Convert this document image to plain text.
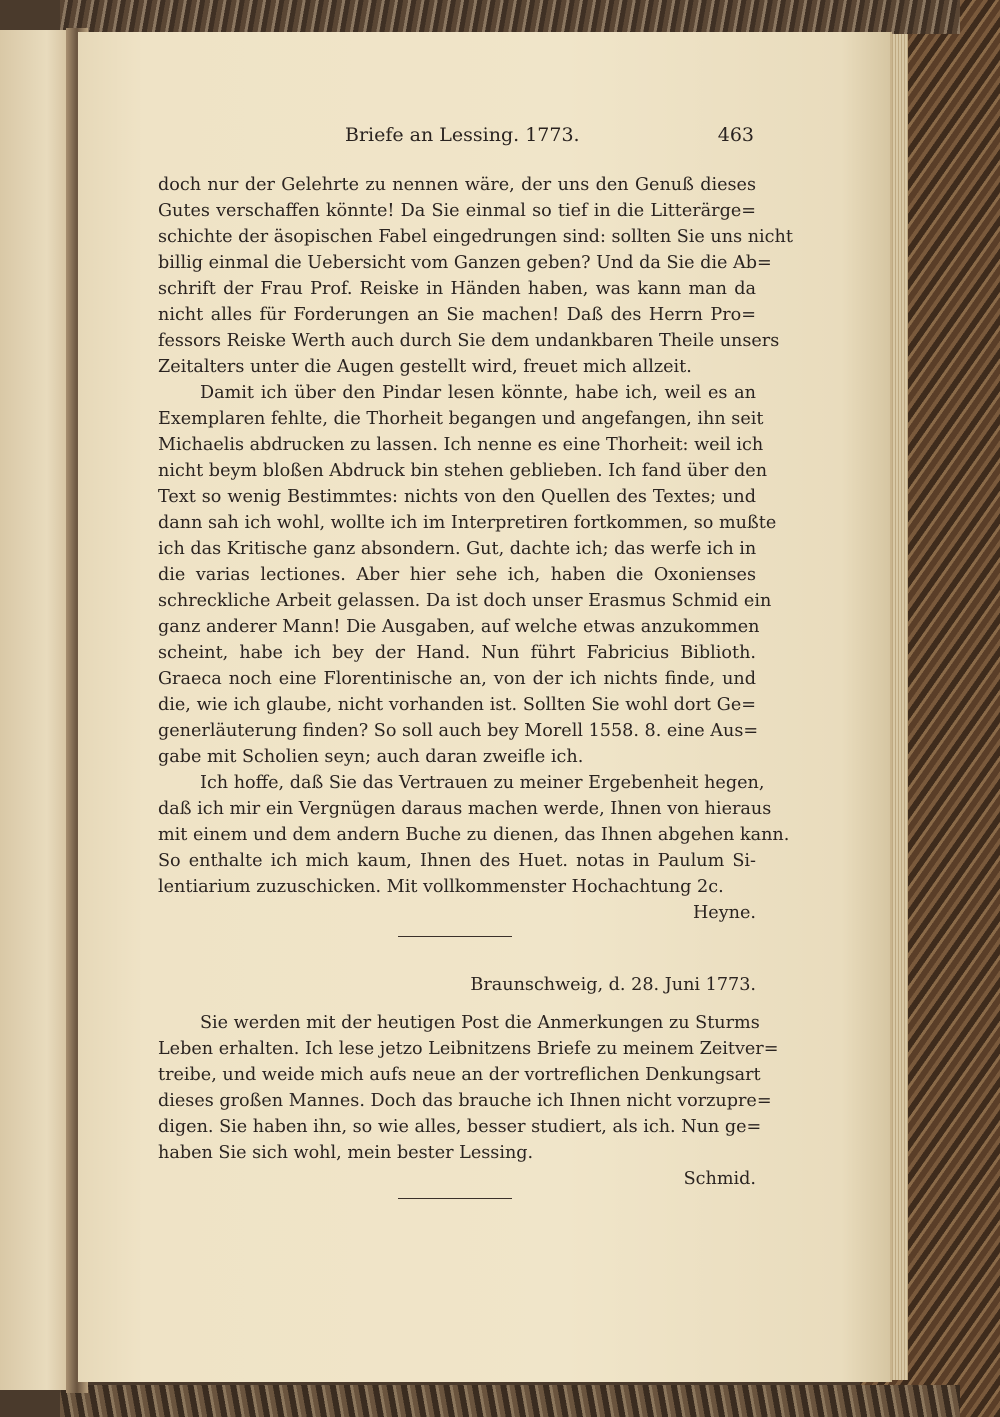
Briefe an Lessing. 1773.	463
doch nur der Gelehrte zu nennen wäre, der uns den Genuß dieses
Gutes verschaffen könnte! Da Sie einmal so tief in die Litterärge=
schichte der äsopischen Fabel eingedrungen sind: sollten Sie uns nicht
billig einmal die Uebersicht vom Ganzen geben? Und da Sie die Ab=
schrift der Frau Prof. Reiske in Händen haben, was kann man da
nicht alles für Forderungen an Sie machen! Daß des Herrn Pro=
fessors Reiske Werth auch durch Sie dem undankbaren Theile unsers
Zeitalters unter die Augen gestellt wird, freuet mich allzeit.
Damit ich über den Pindar lesen könnte, habe ich, weil es an
Exemplaren fehlte, die Thorheit begangen und angefangen, ihn seit
Michaelis abdrucken zu lassen. Ich nenne es eine Thorheit: weil ich
nicht beym bloßen Abdruck bin stehen geblieben. Ich fand über den
Text so wenig Bestimmtes: nichts von den Quellen des Textes; und
dann sah ich wohl, wollte ich im Interpretiren fortkommen, so mußte
ich das Kritische ganz absondern. Gut, dachte ich; das werfe ich in
die varias lectiones. Aber hier sehe ich, haben die Oxonienses
schreckliche Arbeit gelassen. Da ist doch unser Erasmus Schmid ein
ganz anderer Mann! Die Ausgaben, auf welche etwas anzukommen
scheint, habe ich bey der Hand. Nun führt Fabricius Biblioth.
Graeca noch eine Florentinische an, von der ich nichts finde, und
die, wie ich glaube, nicht vorhanden ist. Sollten Sie wohl dort Ge=
generläuterung finden? So soll auch bey Morell 1558. 8. eine Aus=
gabe mit Scholien seyn; auch daran zweifle ich.
Ich hoffe, daß Sie das Vertrauen zu meiner Ergebenheit hegen,
daß ich mir ein Vergnügen daraus machen werde, Ihnen von hieraus
mit einem und dem andern Buche zu dienen, das Ihnen abgehen kann.
So enthalte ich mich kaum, Ihnen des Huet. notas in Paulum Si-
lentiarium zuzuschicken. Mit vollkommenster Hochachtung 2c.
Heyne.
Braunschweig, d. 28. Juni 1773.
Sie werden mit der heutigen Post die Anmerkungen zu Sturms
Leben erhalten. Ich lese jetzo Leibnitzens Briefe zu meinem Zeitver=
treibe, und weide mich aufs neue an der vortreflichen Denkungsart
dieses großen Mannes. Doch das brauche ich Ihnen nicht vorzupre=
digen. Sie haben ihn, so wie alles, besser studiert, als ich. Nun ge=
haben Sie sich wohl, mein bester Lessing.
Schmid.
